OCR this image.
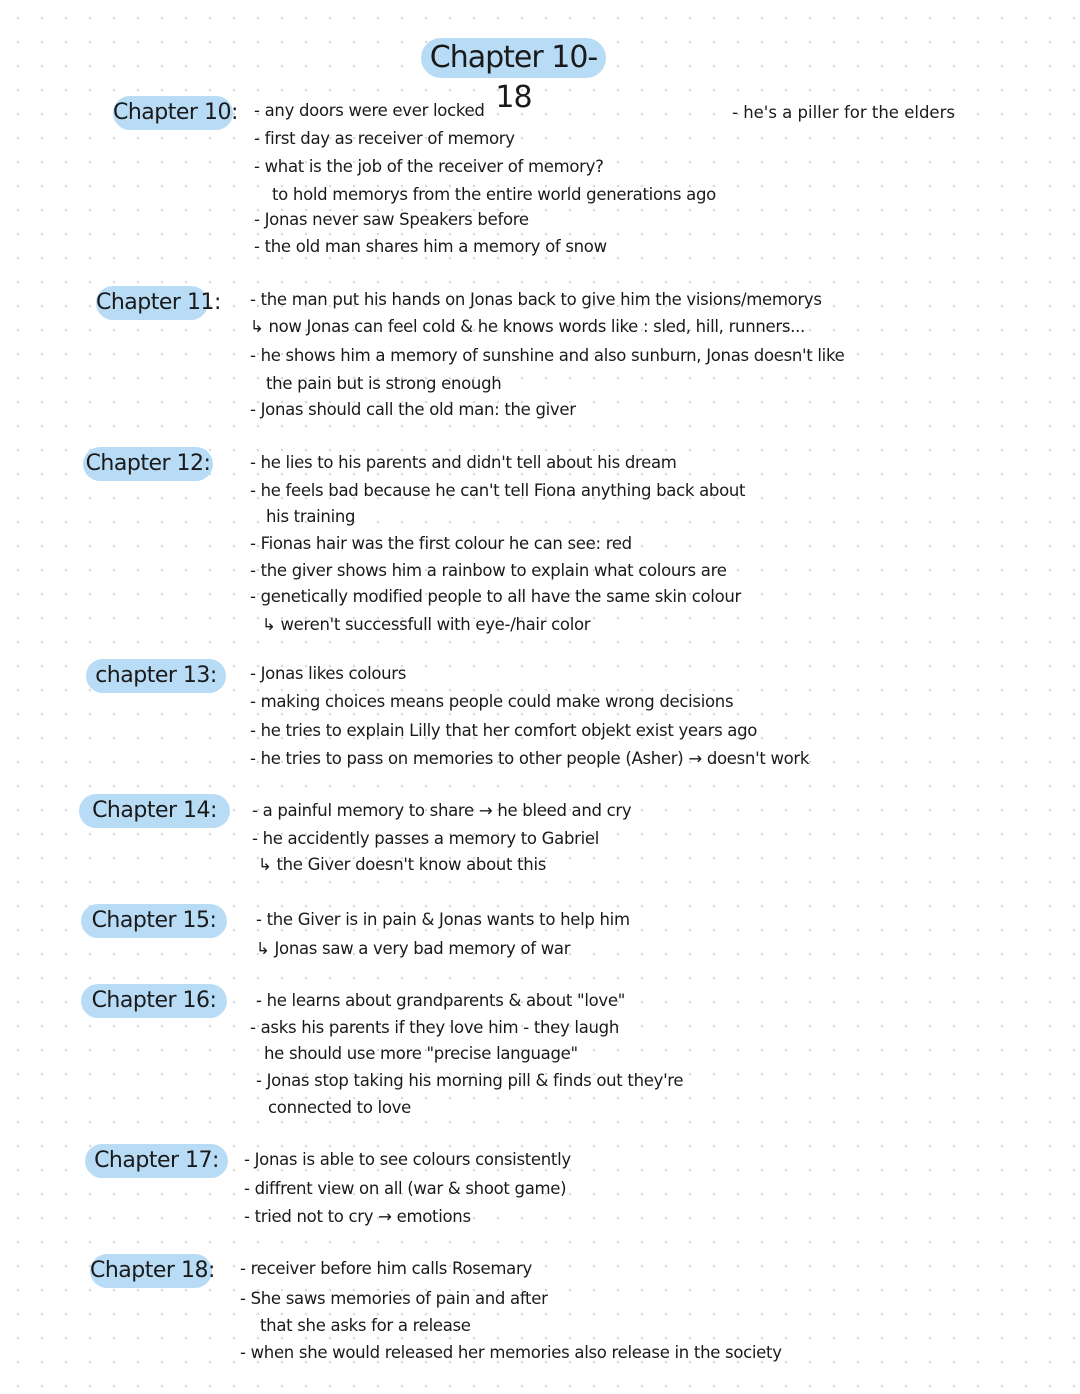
Chapter 10-18	- he's a piller for the elders
Chapter 10: - any doors were ever locked
- first day as receiver of memory
- what is the job of the receiver of memory?
to hold memorys from the entire world generations ago
- Jonas never saw Speakers before
- the old man shares him a memory of snow
Chapter 11: - the man put his hands on Jonas back to give him the visions/memorys
↳ now Jonas can feel cold & he knows words like : sled, hill, runners...
- he shows him a memory of sunshine and also sunburn, Jonas doesn't like
the pain but is strong enough
- Jonas should call the old man: the giver
Chapter 12: - he lies to his parents and didn't tell about his dream
- he feels bad because he can't tell Fiona anything back about
his training
- Fionas hair was the first colour he can see: red
- the giver shows him a rainbow to explain what colours are
- genetically modified people to all have the same skin colour
↳ weren't successfull with eye-/hair color
chapter 13:	- Jonas likes colours
- making choices means people could make wrong decisions
- he tries to explain Lilly that her comfort objekt exist years ago
- he tries to pass on memories to other people (Asher) → doesn't work
Chapter 14:	- a painful memory to share → he bleed and cry
- he accidently passes a memory to Gabriel
↳ the Giver doesn't know about this
Chapter 15:	- the Giver is in pain & Jonas wants to help him
↳ Jonas saw a very bad memory of war
Chapter 16:	- he learns about grandparents & about "love"
- asks his parents if they love him - they laugh
he should use more "precise language"
- Jonas stop taking his morning pill & finds out they're
connected to love
Chapter 17:	- Jonas is able to see colours consistently
- diffrent view on all (war & shoot game)
- tried not to cry → emotions
Chapter 18: - receiver before him calls Rosemary
- She saws memories of pain and after
that she asks for a release
- when she would released her memories also release in the society
